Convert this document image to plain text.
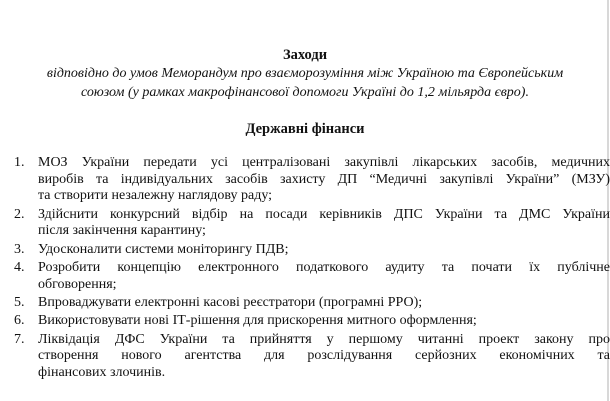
Заходи
відповідно до умов Меморандум про взаєморозуміння між Україною та Європейським
союзом (у рамках макрофінансової допомоги Україні до 1,2 мільярда євро).
Державні фінанси
1. МОЗ України передати усі централізовані закупівлі лікарських засобів, медичних
виробів та індивідуальних засобів захисту ДП “Медичні закупівлі України” (МЗУ)
та створити незалежну наглядову раду;
2. Здійснити конкурсний відбір на посади керівників ДПС України та ДМС України
після закінчення карантину;
3. Удосконалити системи моніторингу ПДВ;
4. Розробити концепцію електронного податкового аудиту та почати їх публічне
обговорення;
5. Впроваджувати електронні касові реєстратори (програмні РРО);
6. Використовувати нові ІТ-рішення для прискорення митного оформлення;
7. Ліквідація ДФС України та прийняття у першому читанні проект закону про
створення нового агентства для розслідування серйозних економічних та
фінансових злочинів.
